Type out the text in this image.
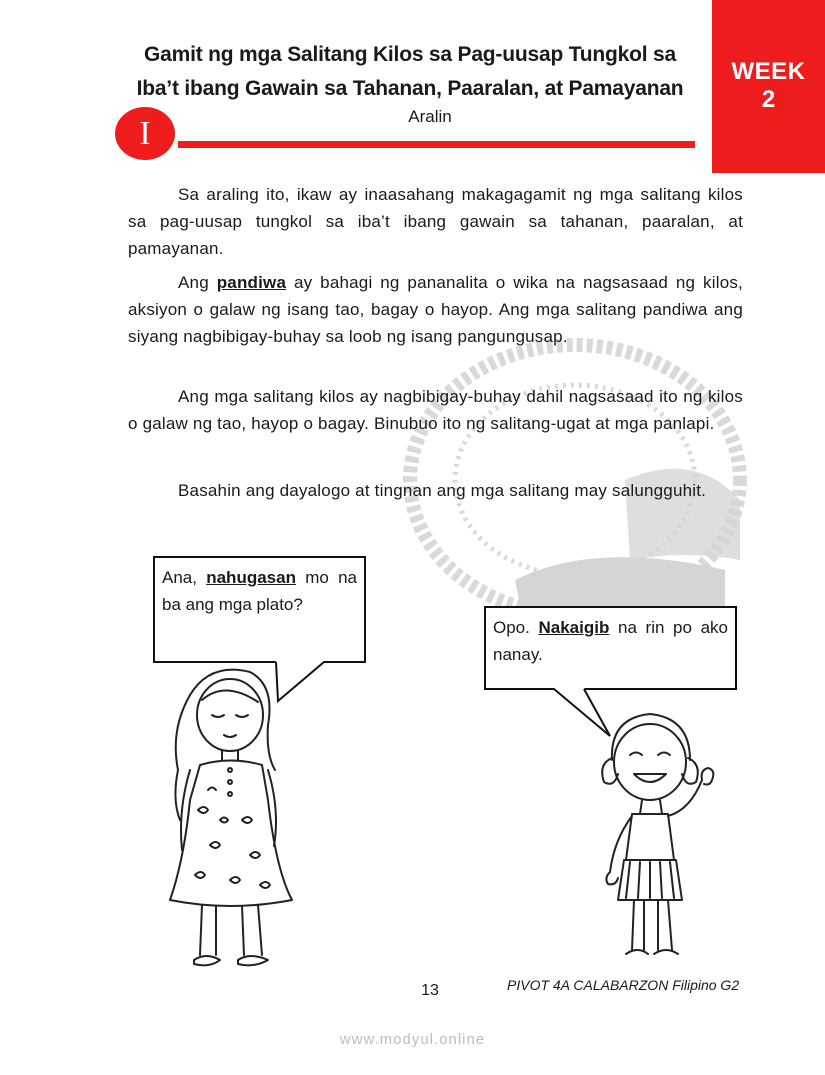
WEEK
2
Gamit ng mga Salitang Kilos sa Pag-uusap Tungkol sa
Iba’t ibang Gawain sa Tahanan, Paaralan, at Pamayanan
I	Aralin
Sa araling ito, ikaw ay inaasahang makagagamit ng mga salitang kilos sa pag-uusap tungkol sa iba’t ibang gawain sa tahanan, paaralan, at pamayanan.
Ang pandiwa ay bahagi ng pananalita o wika na nagsasaad ng kilos, aksiyon o galaw ng isang tao, bagay o hayop. Ang mga salitang pandiwa ang siyang nagbibigay-buhay sa loob ng isang pangungusap.
Ang mga salitang kilos ay nagbibigay-buhay dahil nagsasaad ito ng kilos o galaw ng tao, hayop o bagay. Binubuo ito ng salitang-ugat at mga panlapi.
Basahin ang dayalogo at tingnan ang mga salitang may salungguhit.
Ana, nahugasan mo na ba ang mga plato?
Opo. Nakaigib na rin po ako nanay.
13	PIVOT 4A CALABARZON Filipino G2
www.modyul.online
